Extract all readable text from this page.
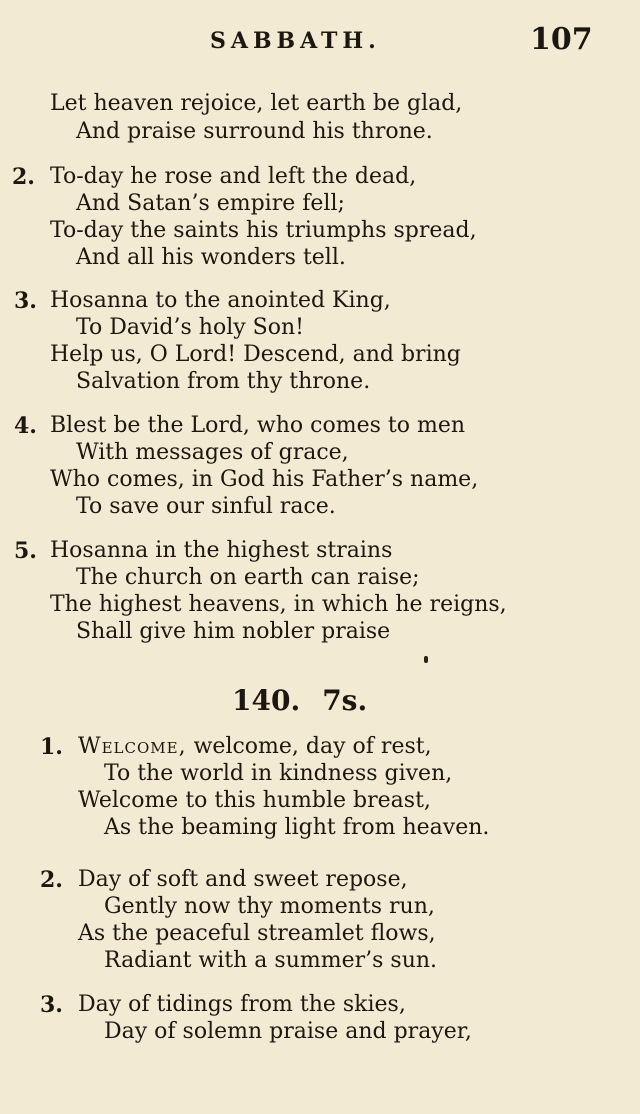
SABBATH.	107
Let heaven rejoice, let earth be glad,
And praise surround his throne.
2. To-day he rose and left the dead,
And Satan’s empire fell;
To-day the saints his triumphs spread,
And all his wonders tell.
3. Hosanna to the anointed King,
To David’s holy Son!
Help us, O Lord! Descend, and bring
Salvation from thy throne.
4. Blest be the Lord, who comes to men
With messages of grace,
Who comes, in God his Father’s name,
To save our sinful race.
5. Hosanna in the highest strains
The church on earth can raise;
The highest heavens, in which he reigns,
Shall give him nobler praise
140. 7s.
1. Welcome, welcome, day of rest,
To the world in kindness given,
Welcome to this humble breast,
As the beaming light from heaven.
2. Day of soft and sweet repose,
Gently now thy moments run,
As the peaceful streamlet flows,
Radiant with a summer’s sun.
3. Day of tidings from the skies,
Day of solemn praise and prayer,
